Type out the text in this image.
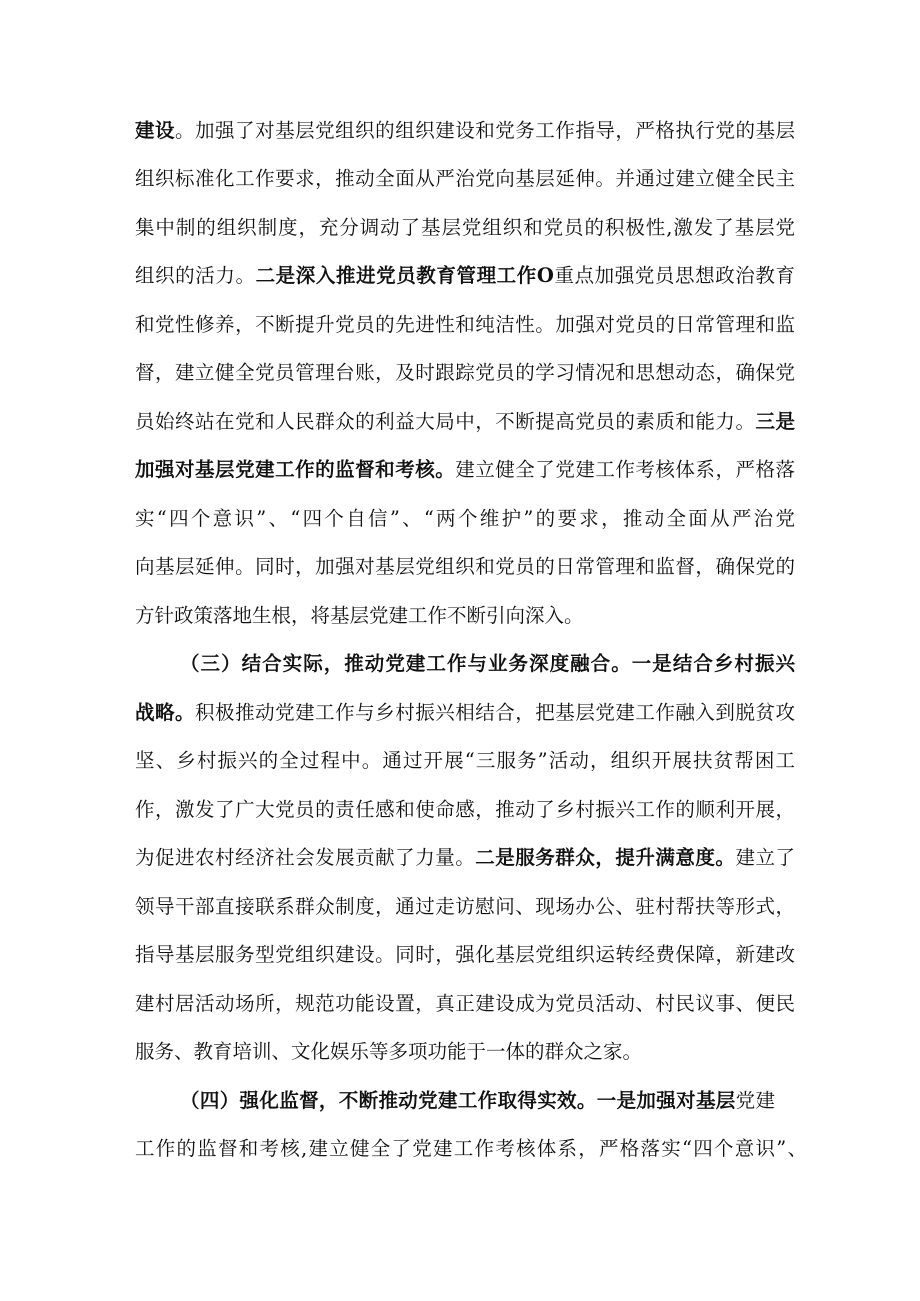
建设。加强了对基层党组织的组织建设和党务工作指导，严格执行党的基层
组织标准化工作要求，推动全面从严治党向基层延伸。并通过建立健全民主
集中制的组织制度，充分调动了基层党组织和党员的积极性,激发了基层党
组织的活力。二是深入推进党员教育管理工作O重点加强党员思想政治教育
和党性修养，不断提升党员的先进性和纯洁性。加强对党员的日常管理和监
督，建立健全党员管理台账，及时跟踪党员的学习情况和思想动态，确保党
员始终站在党和人民群众的利益大局中，不断提高党员的素质和能力。三是
加强对基层党建工作的监督和考核。建立健全了党建工作考核体系，严格落
实“四个意识”、“四个自信”、“两个维护”的要求，推动全面从严治党
向基层延伸。同时，加强对基层党组织和党员的日常管理和监督，确保党的
方针政策落地生根，将基层党建工作不断引向深入。
（三）结合实际，推动党建工作与业务深度融合。一是结合乡村振兴
战略。积极推动党建工作与乡村振兴相结合，把基层党建工作融入到脱贫攻
坚、乡村振兴的全过程中。通过开展“三服务”活动，组织开展扶贫帮困工
作，激发了广大党员的责任感和使命感，推动了乡村振兴工作的顺利开展，
为促进农村经济社会发展贡献了力量。二是服务群众，提升满意度。建立了
领导干部直接联系群众制度，通过走访慰问、现场办公、驻村帮扶等形式，
指导基层服务型党组织建设。同时，强化基层党组织运转经费保障，新建改
建村居活动场所，规范功能设置，真正建设成为党员活动、村民议事、便民
服务、教育培训、文化娱乐等多项功能于一体的群众之家。
（四）强化监督，不断推动党建工作取得实效。一是加强对基层党建
工作的监督和考核,建立健全了党建工作考核体系，严格落实“四个意识”、
